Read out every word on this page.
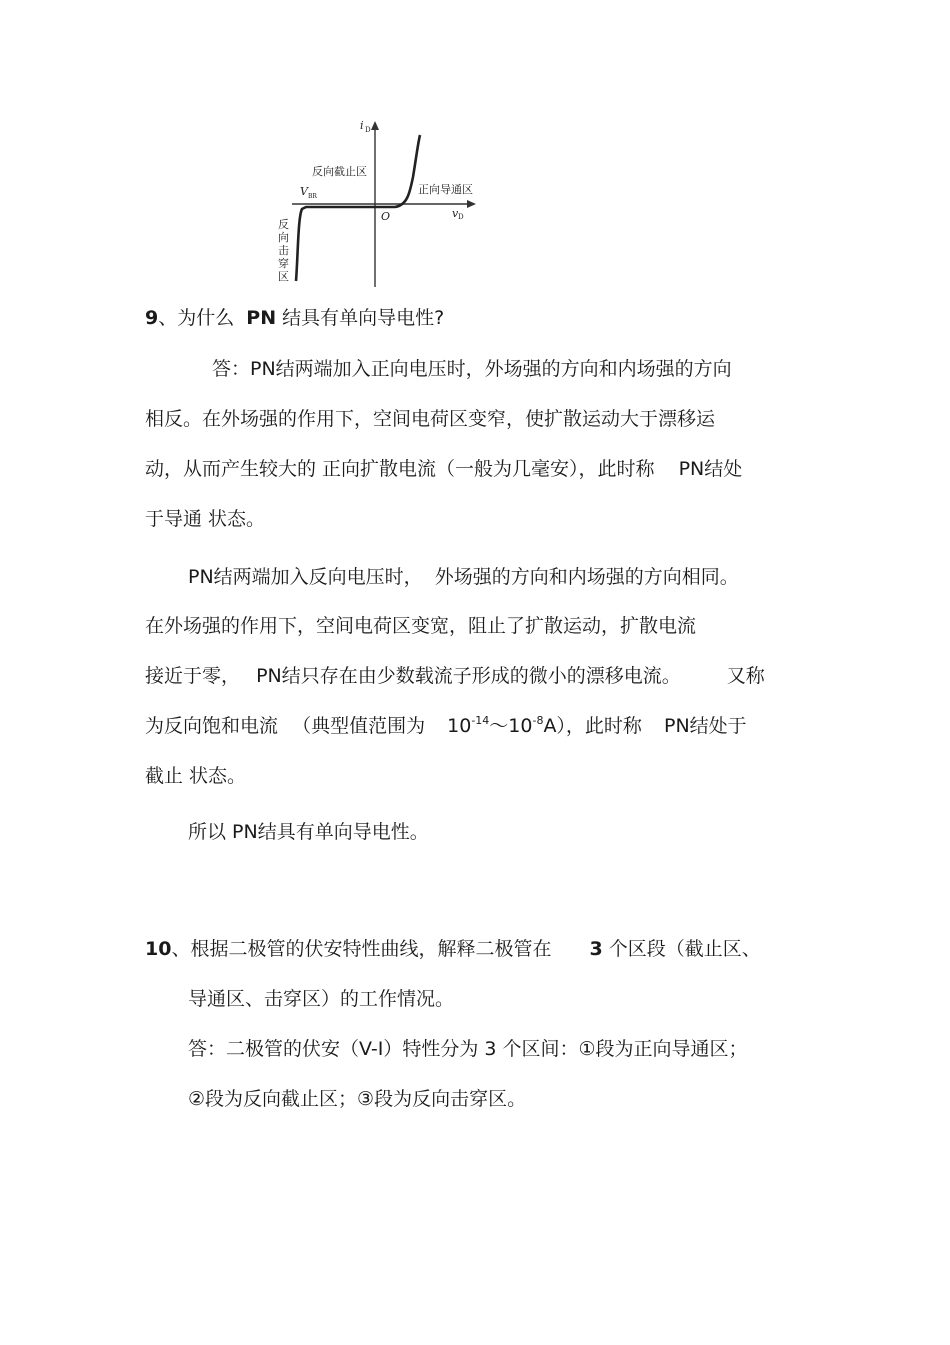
i D
反向截止区
V BR
正向导通区
O	v D
反
向
击
穿
区
9、为什么 PN 结具有单向导电性?
答：PN结两端加入正向电压时，外场强的方向和内场强的方向
相反。在外场强的作用下，空间电荷区变窄，使扩散运动大于漂移运
动，从而产生较大的 正向扩散电流（一般为几毫安），此时称 PN结处
于导通 状态。
PN结两端加入反向电压时， 外场强的方向和内场强的方向相同。
在外场强的作用下，空间电荷区变宽，阻止了扩散运动，扩散电流
接近于零， PN结只存在由少数载流子形成的微小的漂移电流。 又称
为反向饱和电流 （典型值范围为 $10^{-14}\sim 10^{-8}A$），此时称 PN结处于
截止 状态。
所以 PN结具有单向导电性。
10、根据二极管的伏安特性曲线，解释二极管在 3 个区段（截止区、
导通区、击穿区）的工作情况。
答：二极管的伏安（V-I）特性分为 3 个区间：①段为正向导通区；
②段为反向截止区；③段为反向击穿区。
